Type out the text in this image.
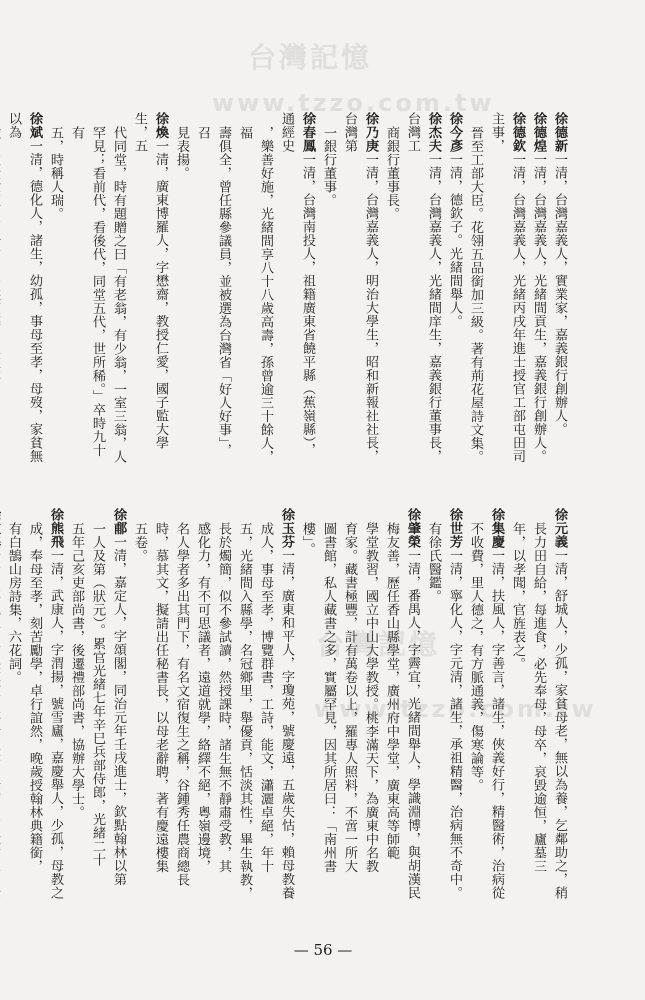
台灣記憶
www.tzzo.com.tw
台灣記憶
www.tzzo.com.tw

徐德新一清，台灣嘉義人，實業家，嘉義銀行創辦人。

徐德煌一清，台灣嘉義人，光緒間貢生，嘉義銀行創辦人。

徐德欽一清，台灣嘉義人，光緒丙戌年進士授官工部屯田司主事，

晉至工部大臣。花翎五品銜加三級。著有荊花屋詩文集。

徐今彥一清，德欽子。光緒間舉人。

徐杰夫一清，台灣嘉義人，光緒間庠生，嘉義銀行董事長，台灣工

商銀行董事長。

徐乃庚一清，台灣嘉義人，明治大學生，昭和新報社社長，台灣第

一銀行董事。

徐春鳳一清，台灣南投人，祖籍廣東省饒平縣（蕉嶺縣），通經史

，樂善好施，光緒間享八十八歲高壽，孫曾逾三十餘人，福

壽俱全，曾任縣參議員，並被選為台灣省「好人好事」，召

見表揚。

徐煥一清，廣東博羅人，字懋齋，教授仁愛，國子監大學生，五

代同堂，時有題贈之曰「有老翁，有少翁，一室三翁，人

罕見；看前代，看後代，同堂五代，世所稀。」卒時九十有

五，時稱人瑞。

徐斌一清，德化人，諸生，幼孤，事母至孝，母歿，家貧無以為

徐元義一清，舒城人，少孤，家貧母老，無以為養，乞鄰助之，稍

長力田自給，每進食，必先奉母，母卒，哀毀逾恒，廬墓三

年，以孝聞，官旌表之。

徐集慶一清，扶風人，字善言，諸生，俠義好行，精醫術，治病從

不收費，里人德之，有方脈通義，傷寒論等。

徐世芳一清，寧化人，字元清，諸生，承祖精醫，治病無不奇中。

有徐氏醫鑑。

徐肇榮一清，番禺人，字霽宜，光緒間舉人，學識淵博，與胡漢民

梅友善，歷任香山縣學堂，廣州府中學堂，廣東高等師範

學堂教習，國立中山大學教授。桃李滿天下，為廣東中名教

育家。藏書極豐，計有萬卷以上，羅專人照料，不啻一所大

圖書館，私人藏書之多，實屬罕見，因其所居曰：「南州書

樓」。

徐玉芬一清，廣東和平人，字瓊苑，號慶遠，五歲失怙，賴母教養

成人，事母至孝，博覽群書，工詩，能文，瀟灑卓絕，年十

五，光緒間入縣學，名冠鄉里，舉優貢，恬淡其性，畢生執教，

長於燭簡，似不參試讀，然授課時，諸生無不靜肅受教，其

感化力，有不可思議者，遠道就學，絡繹不絕，粵嶺邊境，

名人學者多出其門下，有名文宿復生之稱，谷鍾秀任農商總長

時，慕其文，擬請出任秘書長，以母老辭聘，著有慶遠樓集

五卷。

徐郙一清，嘉定人，字頌閣，同治元年壬戌進士，欽點翰林以第

一人及第（狀元）。累官光緒七年辛巳兵部侍郎，光緒二十

五年己亥吏部尚書，後遷禮部尚書，協辦大學士。

徐熊飛一清，武康人，字渭揚，號雪廬，嘉慶舉人，少孤，母教之

成，奉母至孝，刻苦勵學，卓行誼然，晚歲授翰林典籍銜，

有白鵠山房詩集，六花詞。

— 56 —
